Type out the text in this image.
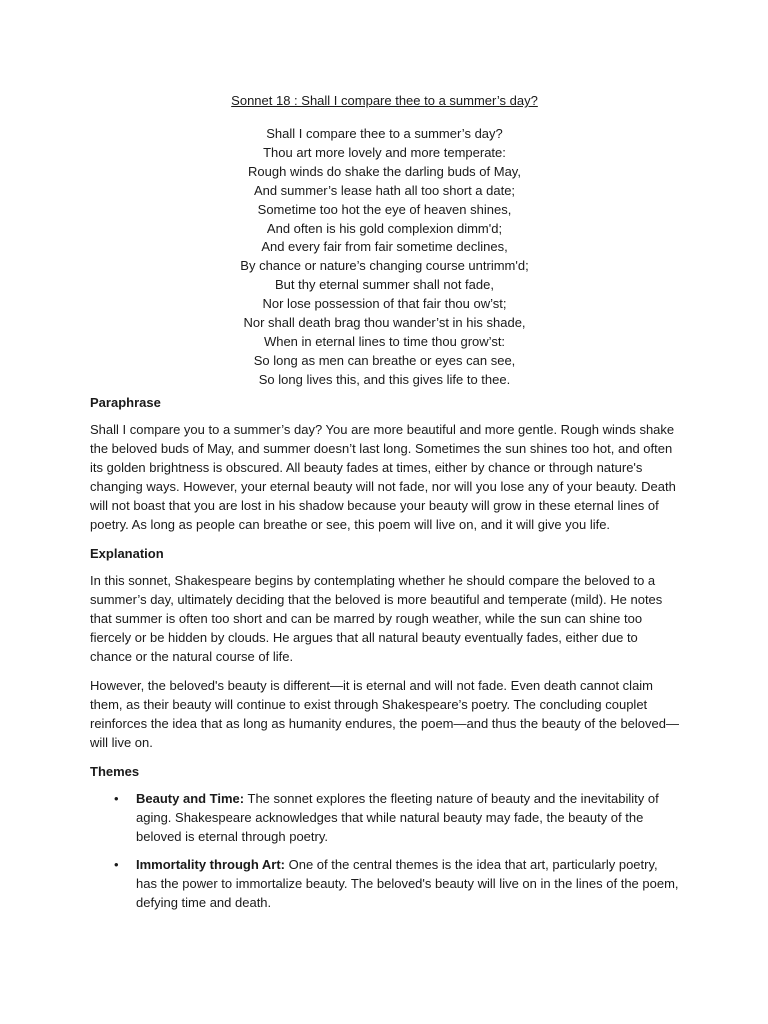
Sonnet 18 : Shall I compare thee to a summer’s day?
Shall I compare thee to a summer’s day?
Thou art more lovely and more temperate:
Rough winds do shake the darling buds of May,
And summer’s lease hath all too short a date;
Sometime too hot the eye of heaven shines,
And often is his gold complexion dimm'd;
And every fair from fair sometime declines,
By chance or nature’s changing course untrimm'd;
But thy eternal summer shall not fade,
Nor lose possession of that fair thou ow’st;
Nor shall death brag thou wander’st in his shade,
When in eternal lines to time thou grow’st:
So long as men can breathe or eyes can see,
So long lives this, and this gives life to thee.
Paraphrase

Shall I compare you to a summer’s day? You are more beautiful and more gentle. Rough winds shake the beloved buds of May, and summer doesn’t last long. Sometimes the sun shines too hot, and often its golden brightness is obscured. All beauty fades at times, either by chance or through nature's changing ways. However, your eternal beauty will not fade, nor will you lose any of your beauty. Death will not boast that you are lost in his shadow because your beauty will grow in these eternal lines of poetry. As long as people can breathe or see, this poem will live on, and it will give you life.

Explanation

In this sonnet, Shakespeare begins by contemplating whether he should compare the beloved to a summer’s day, ultimately deciding that the beloved is more beautiful and temperate (mild). He notes that summer is often too short and can be marred by rough weather, while the sun can shine too fiercely or be hidden by clouds. He argues that all natural beauty eventually fades, either due to chance or the natural course of life.

However, the beloved's beauty is different—it is eternal and will not fade. Even death cannot claim them, as their beauty will continue to exist through Shakespeare’s poetry. The concluding couplet reinforces the idea that as long as humanity endures, the poem—and thus the beauty of the beloved—will live on.

Themes
• Beauty and Time: The sonnet explores the fleeting nature of beauty and the inevitability of aging. Shakespeare acknowledges that while natural beauty may fade, the beauty of the beloved is eternal through poetry.
• Immortality through Art: One of the central themes is the idea that art, particularly poetry, has the power to immortalize beauty. The beloved's beauty will live on in the lines of the poem, defying time and death.
